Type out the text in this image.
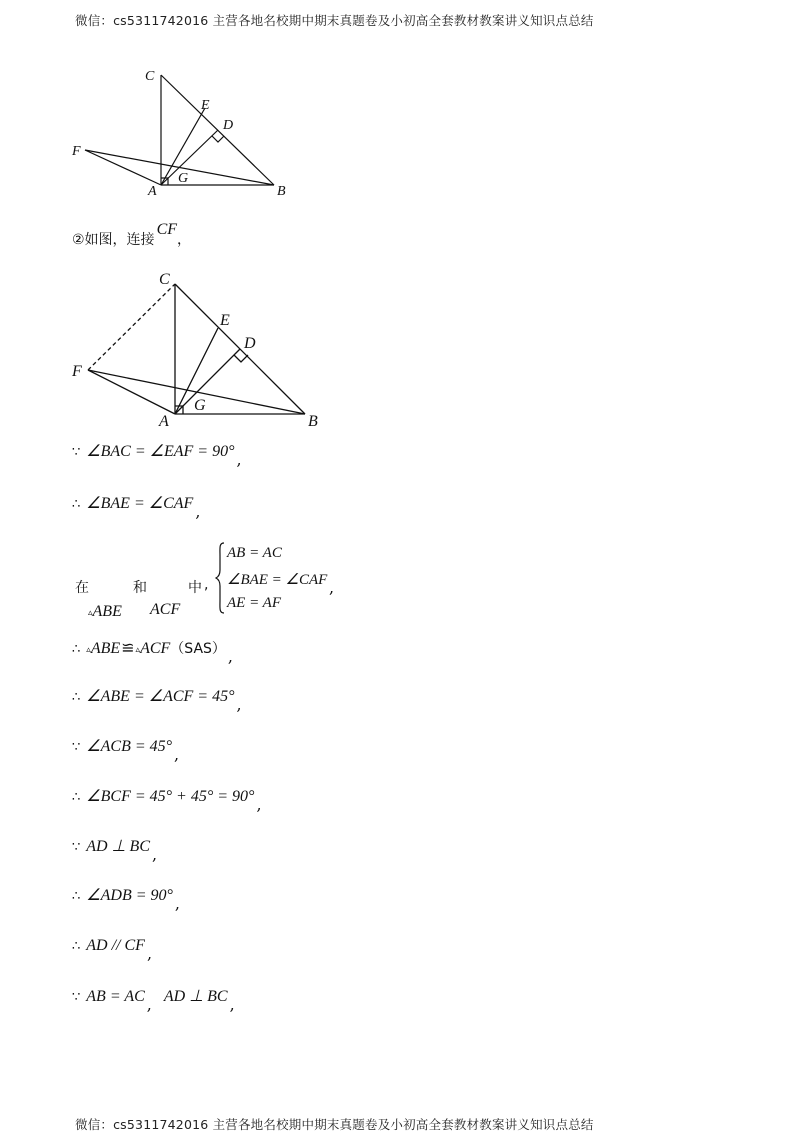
微信：cs5311742016 主营各地名校期中期末真题卷及小初高全套教材教案讲义知识点总结
C
E
D
F
G
A	B
②如图，连接CF，
C
E
D
F
G
A	B
∵ ∠BAC = ∠EAF = 90° ,
∴ ∠BAE = ∠CAF ,
在	和	中
▵ABE ACF
,
AB = AC
∠BAE = ∠CAF
AE = AF
,
∴ ▵ABE≌▵ACF（SAS） ,
∴ ∠ABE = ∠ACF = 45° ,
∵ ∠ACB = 45° ,
∴ ∠BCF = 45° + 45° = 90° ,
∵ AD ⊥ BC ,
∴ ∠ADB = 90° ,
∴ AD // CF ,
∵ AB = AC , AD ⊥ BC ,
微信：cs5311742016 主营各地名校期中期末真题卷及小初高全套教材教案讲义知识点总结
